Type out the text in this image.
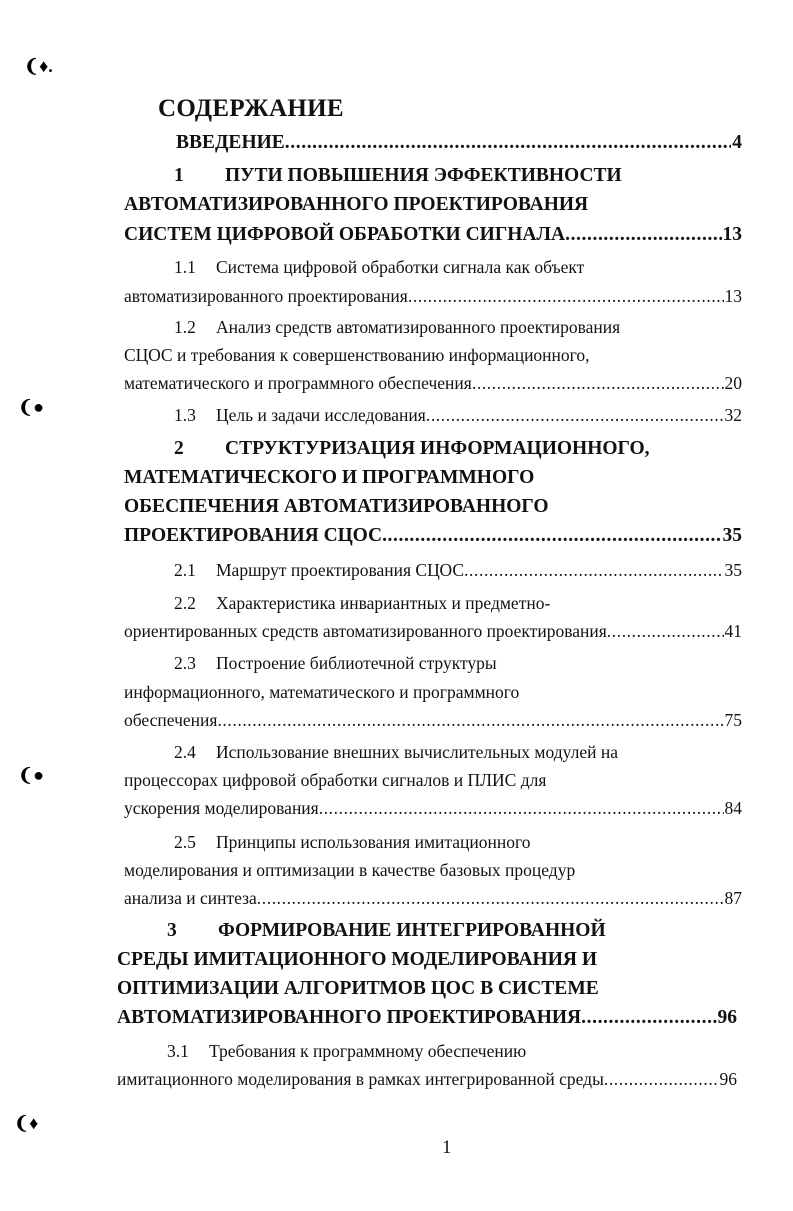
❨♦.
❨●
❨●
❨♦
СОДЕРЖАНИЕ
ВВЕДЕНИЕ .....	4
1 ПУТИ ПОВЫШЕНИЯ ЭФФЕКТИВНОСТИ
АВТОМАТИЗИРОВАННОГО ПРОЕКТИРОВАНИЯ
СИСТЕМ ЦИФРОВОЙ ОБРАБОТКИ СИГНАЛА .....	13
1.1 Система цифровой обработки сигнала как объект
автоматизированного проектирования .....	13
1.2 Анализ средств автоматизированного проектирования
СЦОС и требования к совершенствованию информационного,
математического и программного обеспечения .....	20
1.3 Цель и задачи исследования .....	32
2 СТРУКТУРИЗАЦИЯ ИНФОРМАЦИОННОГО,
МАТЕМАТИЧЕСКОГО И ПРОГРАММНОГО
ОБЕСПЕЧЕНИЯ АВТОМАТИЗИРОВАННОГО
ПРОЕКТИРОВАНИЯ СЦОС .....	35
2.1 Маршрут проектирования СЦОС .....	35
2.2 Характеристика инвариантных и предметно-
ориентированных средств автоматизированного проектирования .....	41
2.3 Построение библиотечной структуры
информационного, математического и программного
обеспечения .....	75
2.4 Использование внешних вычислительных модулей на
процессорах цифровой обработки сигналов и ПЛИС для
ускорения моделирования .....	84
2.5 Принципы использования имитационного
моделирования и оптимизации в качестве базовых процедур
анализа и синтеза .....	87
3 ФОРМИРОВАНИЕ ИНТЕГРИРОВАННОЙ
СРЕДЫ ИМИТАЦИОННОГО МОДЕЛИРОВАНИЯ И
ОПТИМИЗАЦИИ АЛГОРИТМОВ ЦОС В СИСТЕМЕ
АВТОМАТИЗИРОВАННОГО ПРОЕКТИРОВАНИЯ .....	96
3.1 Требования к программному обеспечению
имитационного моделирования в рамках интегрированной среды .....	96
1
